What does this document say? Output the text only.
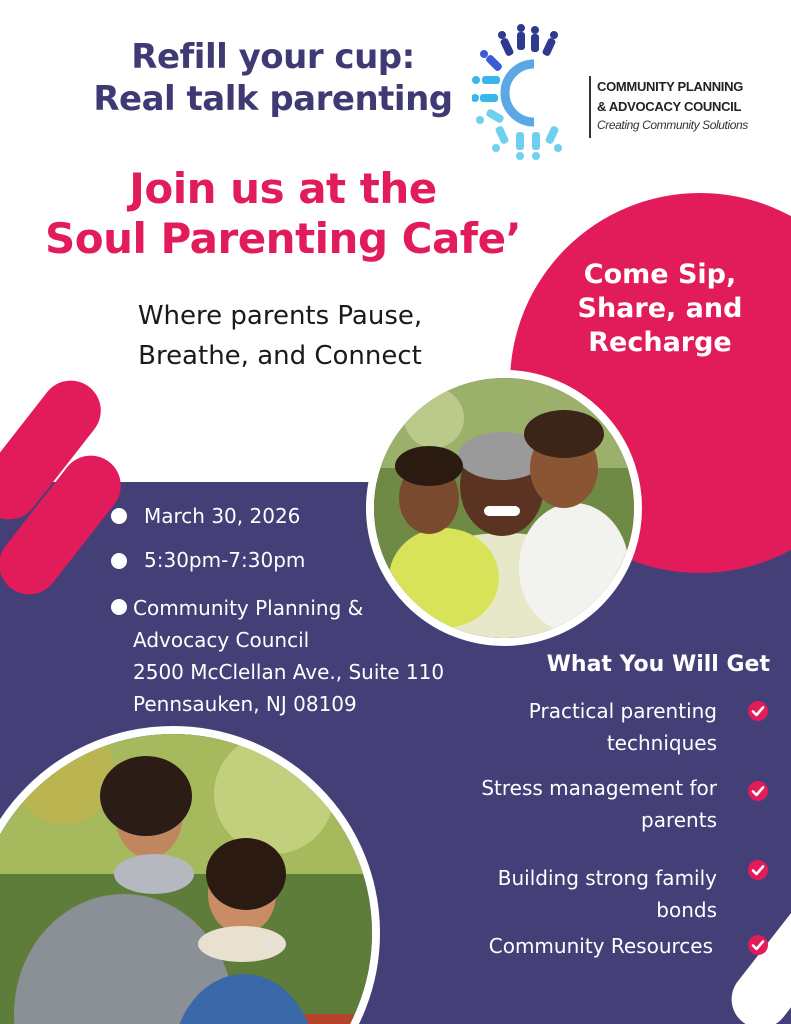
Refill your cup:
Real talk parenting	COMMUNITY PLANNING
& ADVOCACY COUNCIL
Creating Community Solutions
Join us at the
Soul Parenting Cafe’

Where parents Pause,
Breathe, and Connect

Come Sip,
Share, and
Recharge

March 30, 2026
5:30pm-7:30pm
Community Planning &
Advocacy Council
2500 McClellan Ave., Suite 110
Pennsauken, NJ 08109
What You Will Get
Practical parenting
techniques
Stress management for
parents
Building strong family
bonds
Community Resources
